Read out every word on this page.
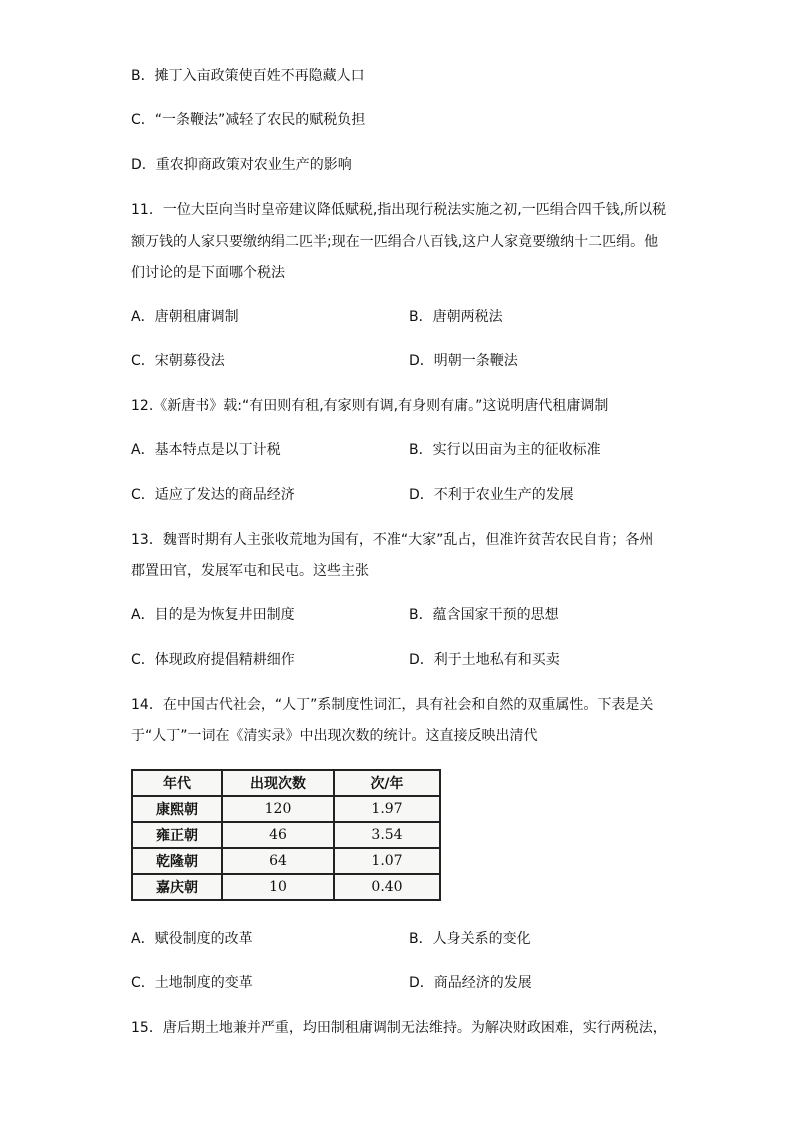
B．摊丁入亩政策使百姓不再隐藏人口
C．“一条鞭法”减轻了农民的赋税负担
D．重农抑商政策对农业生产的影响
11．一位大臣向当时皇帝建议降低赋税,指出现行税法实施之初,一匹绢合四千钱,所以税
额万钱的人家只要缴纳绢二匹半;现在一匹绢合八百钱,这户人家竟要缴纳十二匹绢。他
们讨论的是下面哪个税法
A．唐朝租庸调制	B．唐朝两税法
C．宋朝募役法	D．明朝一条鞭法
12.《新唐书》载:“有田则有租,有家则有调,有身则有庸。”这说明唐代租庸调制
A．基本特点是以丁计税	B．实行以田亩为主的征收标准
C．适应了发达的商品经济	D．不利于农业生产的发展
13．魏晋时期有人主张收荒地为国有，不准“大家”乱占，但准许贫苦农民自肯；各州
郡置田官，发展军屯和民屯。这些主张
A．目的是为恢复井田制度	B．蕴含国家干预的思想
C．体现政府提倡精耕细作	D．利于土地私有和买卖
14．在中国古代社会，“人丁”系制度性词汇，具有社会和自然的双重属性。下表是关
于“人丁”一词在《清实录》中出现次数的统计。这直接反映出清代
年代	出现次数	次/年
康熙朝	120	1.97
雍正朝	46	3.54
乾隆朝	64	1.07
嘉庆朝	10	0.40
A．赋役制度的改革	B．人身关系的变化
C．土地制度的变革	D．商品经济的发展
15．唐后期土地兼并严重，均田制租庸调制无法维持。为解决财政困难，实行两税法，
